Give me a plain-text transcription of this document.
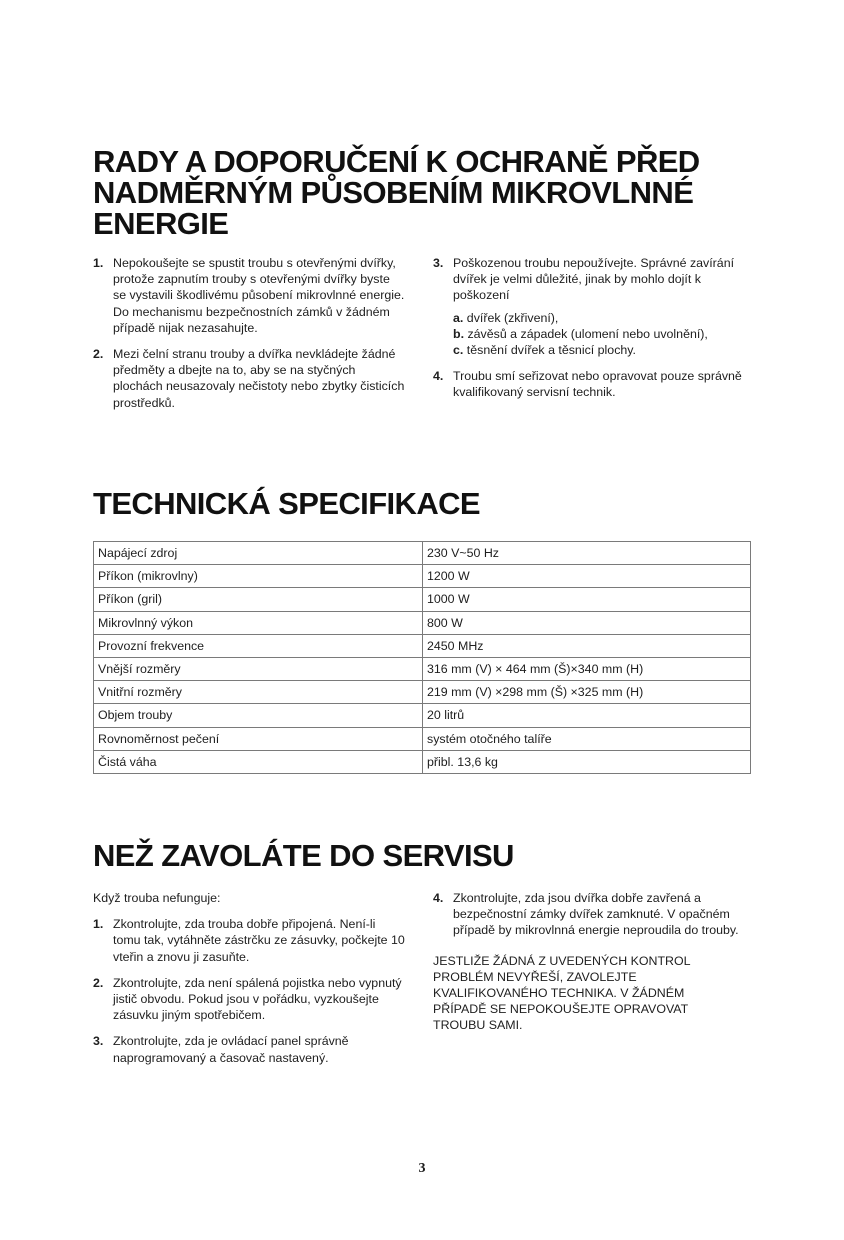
RADY A DOPORUČENÍ K OCHRANĚ PŘED
NADMĚRNÝM PŮSOBENÍM MIKROVLNNÉ
ENERGIE
1. Nepokoušejte se spustit troubu s otevřenými dvířky, protože zapnutím trouby s otevřenými dvířky byste se vystavili škodlivému působení mikrovlnné energie. Do mechanismu bezpečnostních zámků v žádném případě nijak nezasahujte.
2. Mezi čelní stranu trouby a dvířka nevkládejte žádné předměty a dbejte na to, aby se na styčných plochách neusazovaly nečistoty nebo zbytky čisticích prostředků.
3. Poškozenou troubu nepoužívejte. Správné zavírání dvířek je velmi důležité, jinak by mohlo dojít k poškození
a. dvířek (zkřivení),
b. závěsů a západek (ulomení nebo uvolnění),
c. těsnění dvířek a těsnicí plochy.
4. Troubu smí seřizovat nebo opravovat pouze správně kvalifikovaný servisní technik.
TECHNICKÁ SPECIFIKACE
Napájecí zdroj	230 V~50 Hz
Příkon (mikrovlny)	1200 W
Příkon (gril)	1000 W
Mikrovlnný výkon	800 W
Provozní frekvence	2450 MHz
Vnější rozměry	316 mm (V) × 464 mm (Š)×340 mm (H)
Vnitřní rozměry	219 mm (V) ×298 mm (Š) ×325 mm (H)
Objem trouby	20 litrů
Rovnoměrnost pečení	systém otočného talíře
Čistá váha	přibl. 13,6 kg
NEŽ ZAVOLÁTE DO SERVISU

Když trouba nefunguje:

1. Zkontrolujte, zda trouba dobře připojená. Není-li tomu tak, vytáhněte zástrčku ze zásuvky, počkejte 10 vteřin a znovu ji zasuňte.
2. Zkontrolujte, zda není spálená pojistka nebo vypnutý jistič obvodu. Pokud jsou v pořádku, vyzkoušejte zásuvku jiným spotřebičem.
3. Zkontrolujte, zda je ovládací panel správně naprogramovaný a časovač nastavený.
4. Zkontrolujte, zda jsou dvířka dobře zavřená a bezpečnostní zámky dvířek zamknuté. V opačném případě by mikrovlnná energie neproudila do trouby.

JESTLIŽE ŽÁDNÁ Z UVEDENÝCH KONTROL PROBLÉM NEVYŘEŠÍ, ZAVOLEJTE KVALIFIKOVANÉHO TECHNIKA. V ŽÁDNÉM PŘÍPADĚ SE NEPOKOUŠEJTE OPRAVOVAT TROUBU SAMI.

3
